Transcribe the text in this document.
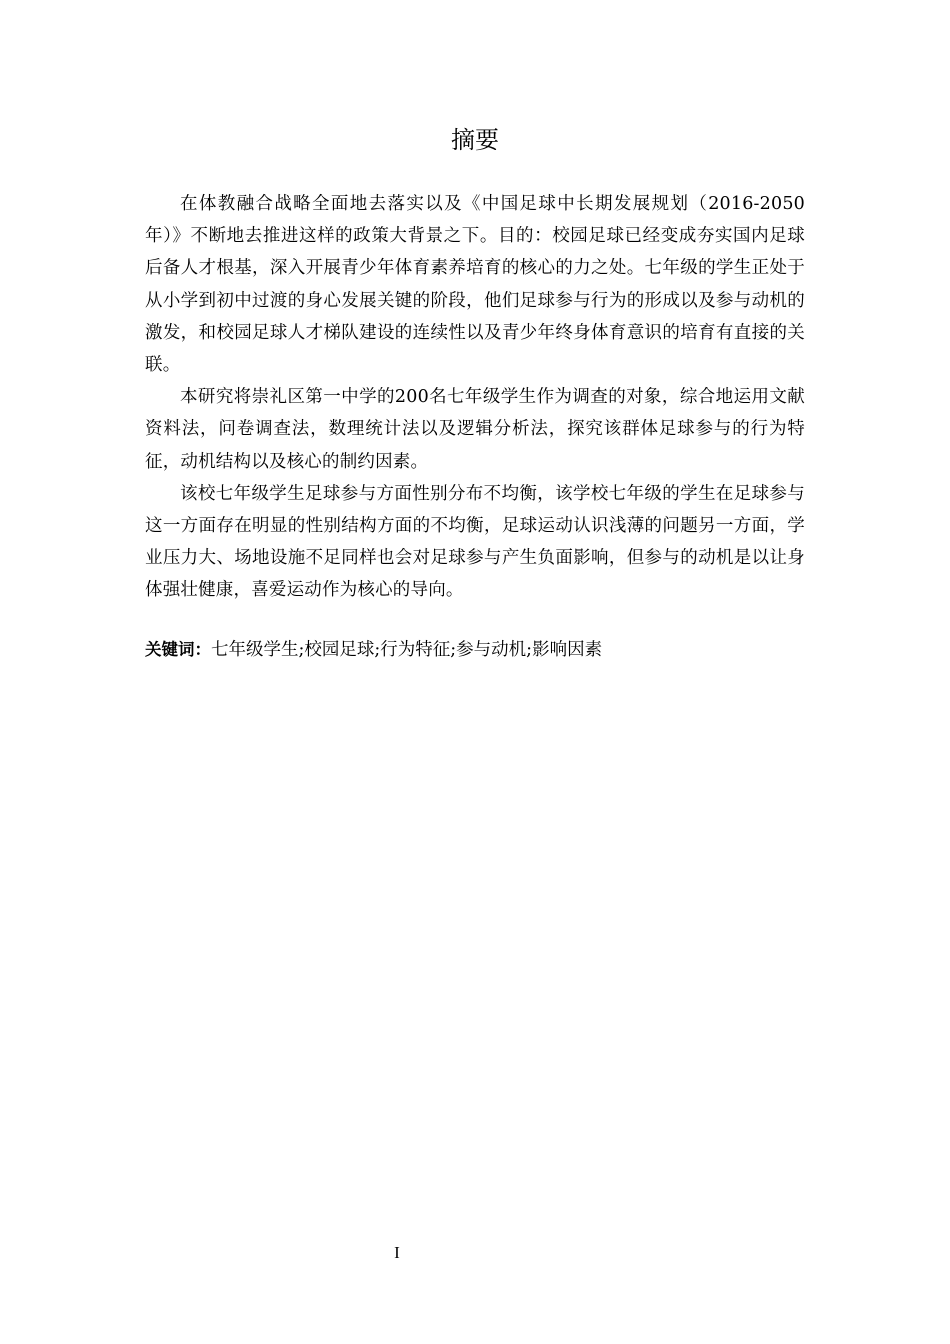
摘要

在体教融合战略全面地去落实以及《中国足球中长期发展规划（2016-2050年）》不断地去推进这样的政策大背景之下。目的：校园足球已经变成夯实国内足球后备人才根基，深入开展青少年体育素养培育的核心的力之处。七年级的学生正处于从小学到初中过渡的身心发展关键的阶段，他们足球参与行为的形成以及参与动机的激发，和校园足球人才梯队建设的连续性以及青少年终身体育意识的培育有直接的关联。

本研究将崇礼区第一中学的200名七年级学生作为调查的对象，综合地运用文献资料法，问卷调查法，数理统计法以及逻辑分析法，探究该群体足球参与的行为特征，动机结构以及核心的制约因素。

该校七年级学生足球参与方面性别分布不均衡，该学校七年级的学生在足球参与这一方面存在明显的性别结构方面的不均衡，足球运动认识浅薄的问题另一方面，学业压力大、场地设施不足同样也会对足球参与产生负面影响，但参与的动机是以让身体强壮健康，喜爱运动作为核心的导向。

关键词：七年级学生;校园足球;行为特征;参与动机;影响因素

I
